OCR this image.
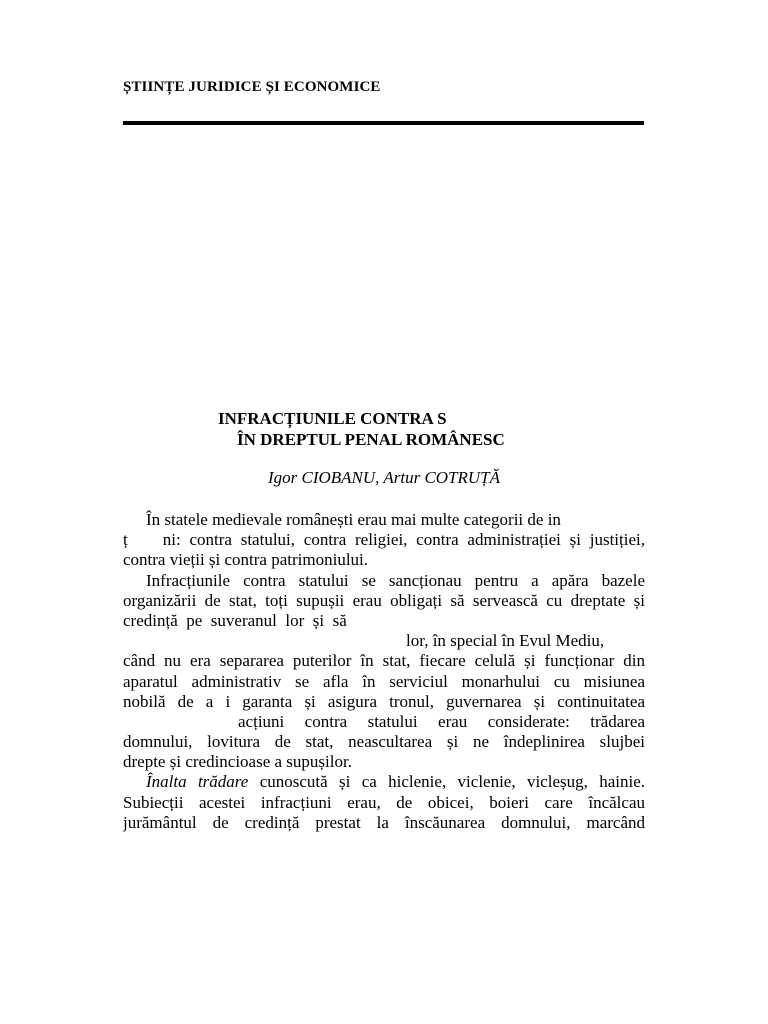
ȘTIINȚE JURIDICE ȘI ECONOMICE
INFRACȚIUNILE CONTRA S
ÎN DREPTUL PENAL ROMÂNESC
Igor CIOBANU, Artur COTRUȚĂ
În statele medievale românești erau mai multe categorii de in
ț    ni: contra statului, contra religiei, contra administrației și justiției,
contra vieții și contra patrimoniului.
Infracțiunile contra statului se sancționau pentru a apăra bazele
organizării de stat, toți supușii erau obligați să servească cu dreptate și
credință  pe  suveranul  lor  și  să
lor, în special în Evul Mediu,
când nu era separarea puterilor în stat, fiecare celulă și funcționar din
aparatul administrativ se afla în serviciul monarhului cu misiunea
nobilă de a i garanta și asigura tronul, guvernarea și continuitatea
acțiuni contra statului erau considerate: trădarea
domnului, lovitura de stat, neascultarea și ne îndeplinirea slujbei
drepte și credincioase a supușilor.
Înalta trădare cunoscută și ca hiclenie, viclenie, vicleșug, hainie.
Subiecții acestei infracțiuni erau, de obicei, boieri care încălcau
jurământul de credință prestat la înscăunarea domnului, marcând
